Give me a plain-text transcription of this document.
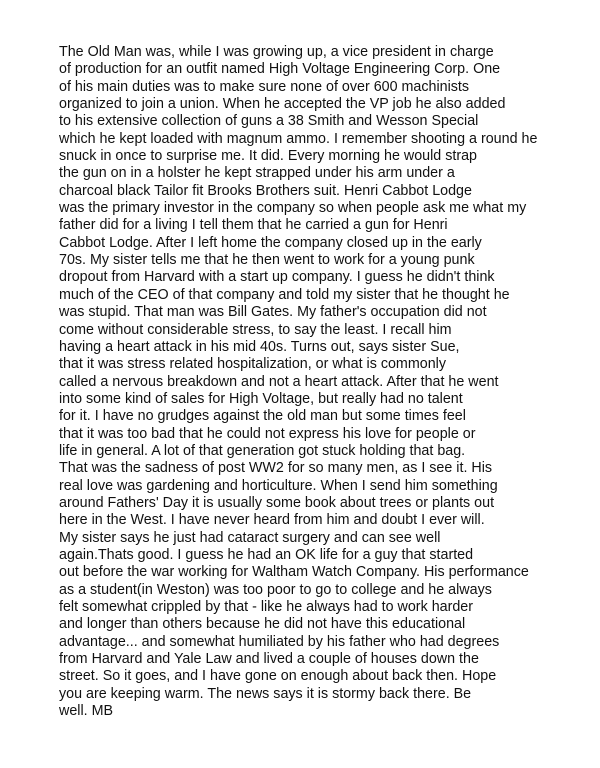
The Old Man was, while I was growing up, a vice president in charge
of production for an outfit named High Voltage Engineering Corp. One
of his main duties was to make sure none of over 600 machinists
organized to join a union. When he accepted the VP job he also added
to his extensive collection of guns a 38 Smith and Wesson Special
which he kept loaded with magnum ammo. I remember shooting a round he
snuck in once to surprise me. It did. Every morning he would strap
the gun on in a holster he kept strapped under his arm under a
charcoal black Tailor fit Brooks Brothers suit. Henri Cabbot Lodge
was the primary investor in the company so when people ask me what my
father did for a living I tell them that he carried a gun for Henri
Cabbot Lodge. After I left home the company closed up in the early
70s. My sister tells me that he then went to work for a young punk
dropout from Harvard with a start up company. I guess he didn't think
much of the CEO of that company and told my sister that he thought he
was stupid. That man was Bill Gates. My father's occupation did not
come without considerable stress, to say the least. I recall him
having a heart attack in his mid 40s. Turns out, says sister Sue,
that it was stress related hospitalization, or what is commonly
called a nervous breakdown and not a heart attack. After that he went
into some kind of sales for High Voltage, but really had no talent
for it. I have no grudges against the old man but some times feel
that it was too bad that he could not express his love for people or
life in general. A lot of that generation got stuck holding that bag.
That was the sadness of post WW2 for so many men, as I see it. His
real love was gardening and horticulture. When I send him something
around Fathers' Day it is usually some book about trees or plants out
here in the West. I have never heard from him and doubt I ever will.
My sister says he just had cataract surgery and can see well
again.Thats good. I guess he had an OK life for a guy that started
out before the war working for Waltham Watch Company. His performance
as a student(in Weston) was too poor to go to college and he always
felt somewhat crippled by that - like he always had to work harder
and longer than others because he did not have this educational
advantage... and somewhat humiliated by his father who had degrees
from Harvard and Yale Law and lived a couple of houses down the
street. So it goes, and I have gone on enough about back then. Hope
you are keeping warm. The news says it is stormy back there. Be
well. MB
